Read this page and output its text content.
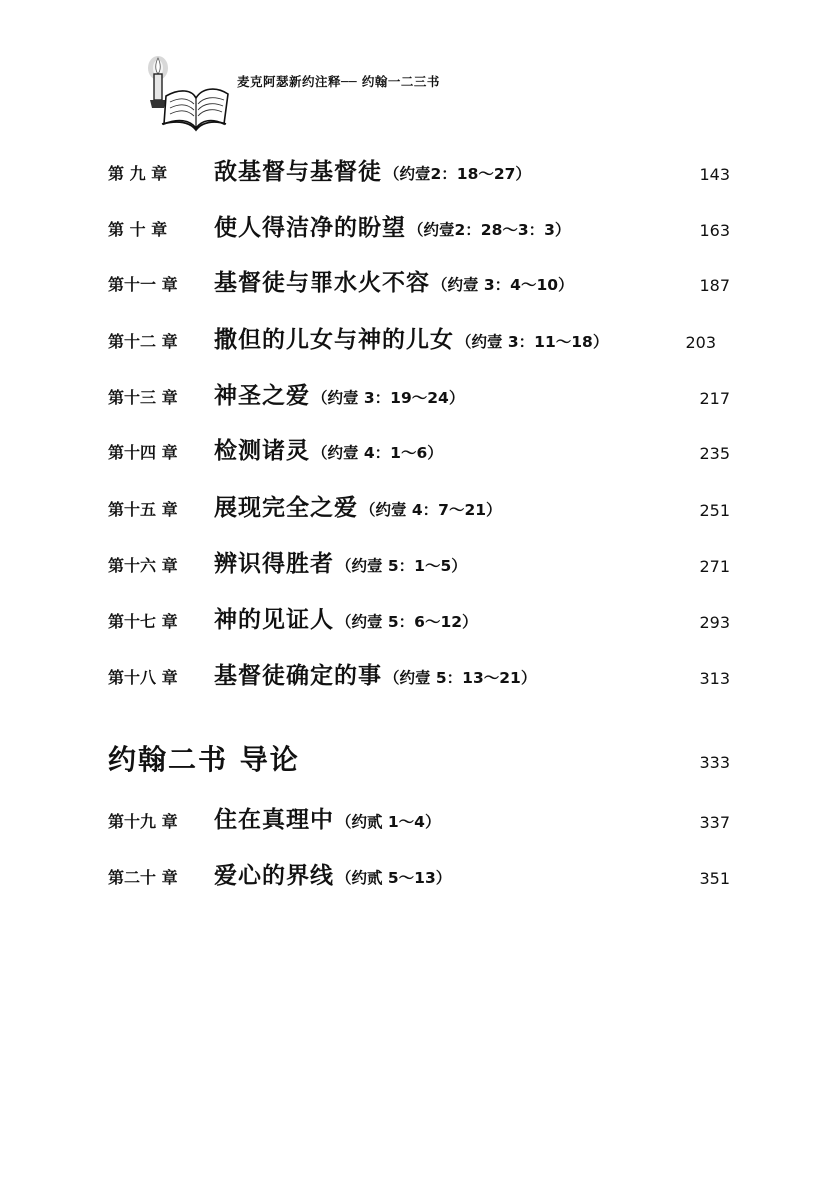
麦克阿瑟新约注释── 约翰一二三书
第 九 章 敌基督与基督徒 （约壹2：18～27）	143
第 十 章 使人得洁净的盼望 （约壹2：28～3：3）	163
第十一 章 基督徒与罪水火不容 （约壹 3：4～10）	187
第十二 章 撒但的儿女与神的儿女 （约壹 3：11～18）	203
第十三 章 神圣之爱 （约壹 3：19～24）	217
第十四 章 检测诸灵 （约壹 4：1～6）	235
第十五 章 展现完全之爱 （约壹 4：7～21）	251
第十六 章 辨识得胜者 （约壹 5：1～5）	271
第十七 章 神的见证人 （约壹 5：6～12）	293
第十八 章 基督徒确定的事 （约壹 5：13～21）	313
约翰二书 导论	333
第十九 章 住在真理中 （约贰 1～4）	337
第二十 章 爱心的界线 （约贰 5～13）	351
